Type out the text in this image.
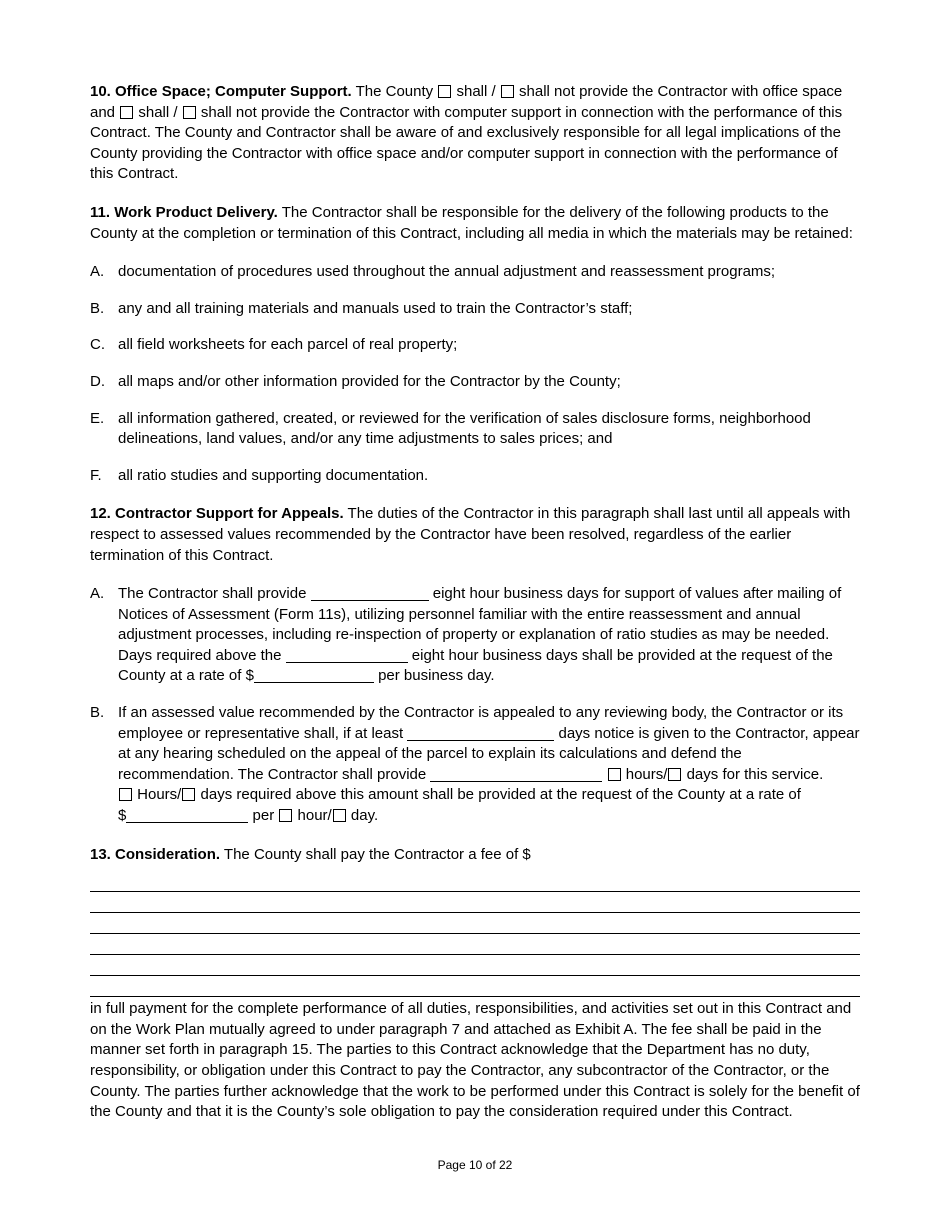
10. Office Space; Computer Support. The County  shall /  shall not provide the Contractor with office space and  shall /  shall not provide the Contractor with computer support in connection with the performance of this Contract. The County and Contractor shall be aware of and exclusively responsible for all legal implications of the County providing the Contractor with office space and/or computer support in connection with the performance of this Contract.

11. Work Product Delivery. The Contractor shall be responsible for the delivery of the following products to the County at the completion or termination of this Contract, including all media in which the materials may be retained:

A. documentation of procedures used throughout the annual adjustment and reassessment programs;
B. any and all training materials and manuals used to train the Contractor’s staff;
C. all field worksheets for each parcel of real property;
D. all maps and/or other information provided for the Contractor by the County;
E. all information gathered, created, or reviewed for the verification of sales disclosure forms, neighborhood delineations, land values, and/or any time adjustments to sales prices; and
F.	all ratio studies and supporting documentation.

12. Contractor Support for Appeals. The duties of the Contractor in this paragraph shall last until all appeals with respect to assessed values recommended by the Contractor have been resolved, regardless of the earlier termination of this Contract.

A. The Contractor shall provide	eight hour business days for support of values after mailing of Notices of Assessment (Form 11s), utilizing personnel familiar with the entire reassessment and annual adjustment processes, including re-inspection of property or explanation of ratio studies as may be needed. Days required above the	eight hour business days shall be provided at the request of the County at a rate of $	per business day.
B. If an assessed value recommended by the Contractor is appealed to any reviewing body, the Contractor or its employee or representative shall, if at least	days notice is given to the Contractor, appear at any hearing scheduled on the appeal of the parcel to explain its calculations and defend the recommendation. The Contractor shall provide	hours/ days for this service.
Hours/ days required above this amount shall be provided at the request of the County at a rate of
$	per  hour/ day.

13. Consideration. The County shall pay the Contractor a fee of $

in full payment for the complete performance of all duties, responsibilities, and activities set out in this Contract and on the Work Plan mutually agreed to under paragraph 7 and attached as Exhibit A. The fee shall be paid in the manner set forth in paragraph 15. The parties to this Contract acknowledge that the Department has no duty, responsibility, or obligation under this Contract to pay the Contractor, any subcontractor of the Contractor, or the County. The parties further acknowledge that the work to be performed under this Contract is solely for the benefit of the County and that it is the County’s sole obligation to pay the consideration required under this Contract.

Page 10 of 22
